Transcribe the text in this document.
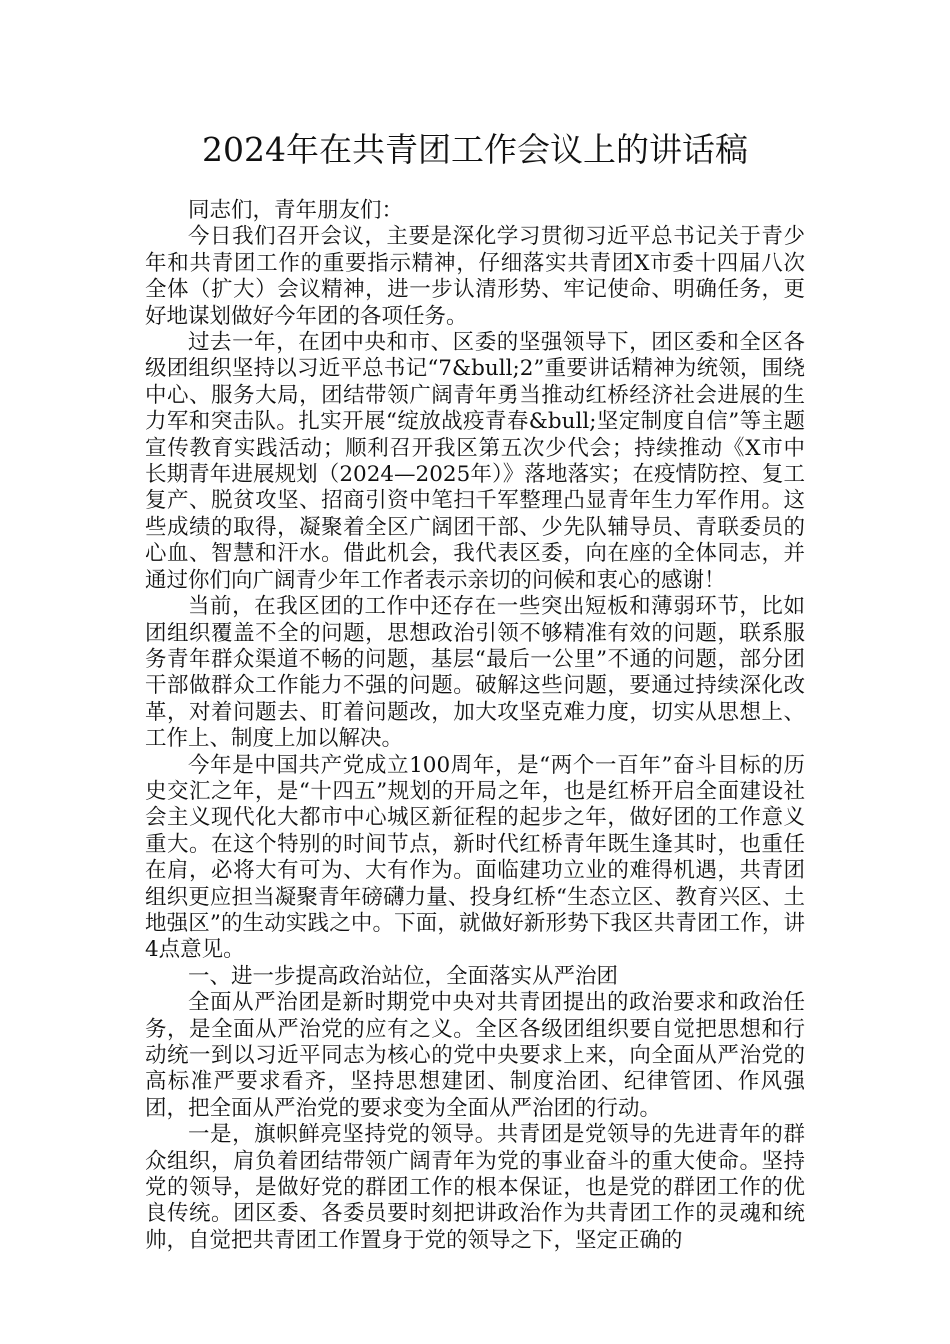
2024年在共青团工作会议上的讲话稿

同志们，青年朋友们：

今日我们召开会议，主要是深化学习贯彻习近平总书记关于青少年和共青团工作的重要指示精神，仔细落实共青团X市委十四届八次全体（扩大）会议精神，进一步认清形势、牢记使命、明确任务，更好地谋划做好今年团的各项任务。

过去一年，在团中央和市、区委的坚强领导下，团区委和全区各级团组织坚持以习近平总书记“7&bull;2”重要讲话精神为统领，围绕中心、服务大局，团结带领广阔青年勇当推动红桥经济社会进展的生力军和突击队。扎实开展“绽放战疫青春&bull;坚定制度自信”等主题宣传教育实践活动；顺利召开我区第五次少代会；持续推动《X市中长期青年进展规划（2024—2025年）》落地落实；在疫情防控、复工复产、脱贫攻坚、招商引资中笔扫千军整理凸显青年生力军作用。这些成绩的取得，凝聚着全区广阔团干部、少先队辅导员、青联委员的心血、智慧和汗水。借此机会，我代表区委，向在座的全体同志，并通过你们向广阔青少年工作者表示亲切的问候和衷心的感谢！

当前，在我区团的工作中还存在一些突出短板和薄弱环节，比如团组织覆盖不全的问题，思想政治引领不够精准有效的问题，联系服务青年群众渠道不畅的问题，基层“最后一公里”不通的问题，部分团干部做群众工作能力不强的问题。破解这些问题，要通过持续深化改革，对着问题去、盯着问题改，加大攻坚克难力度，切实从思想上、工作上、制度上加以解决。

今年是中国共产党成立100周年，是“两个一百年”奋斗目标的历史交汇之年，是“十四五”规划的开局之年，也是红桥开启全面建设社会主义现代化大都市中心城区新征程的起步之年，做好团的工作意义重大。在这个特别的时间节点，新时代红桥青年既生逢其时，也重任在肩，必将大有可为、大有作为。面临建功立业的难得机遇，共青团组织更应担当凝聚青年磅礴力量、投身红桥“生态立区、教育兴区、土地强区”的生动实践之中。下面，就做好新形势下我区共青团工作，讲4点意见。

一、进一步提高政治站位，全面落实从严治团

全面从严治团是新时期党中央对共青团提出的政治要求和政治任务，是全面从严治党的应有之义。全区各级团组织要自觉把思想和行动统一到以习近平同志为核心的党中央要求上来，向全面从严治党的高标准严要求看齐，坚持思想建团、制度治团、纪律管团、作风强团，把全面从严治党的要求变为全面从严治团的行动。

一是，旗帜鲜亮坚持党的领导。共青团是党领导的先进青年的群众组织，肩负着团结带领广阔青年为党的事业奋斗的重大使命。坚持党的领导，是做好党的群团工作的根本保证，也是党的群团工作的优良传统。团区委、各委员要时刻把讲政治作为共青团工作的灵魂和统帅，自觉把共青团工作置身于党的领导之下，坚定正确的
